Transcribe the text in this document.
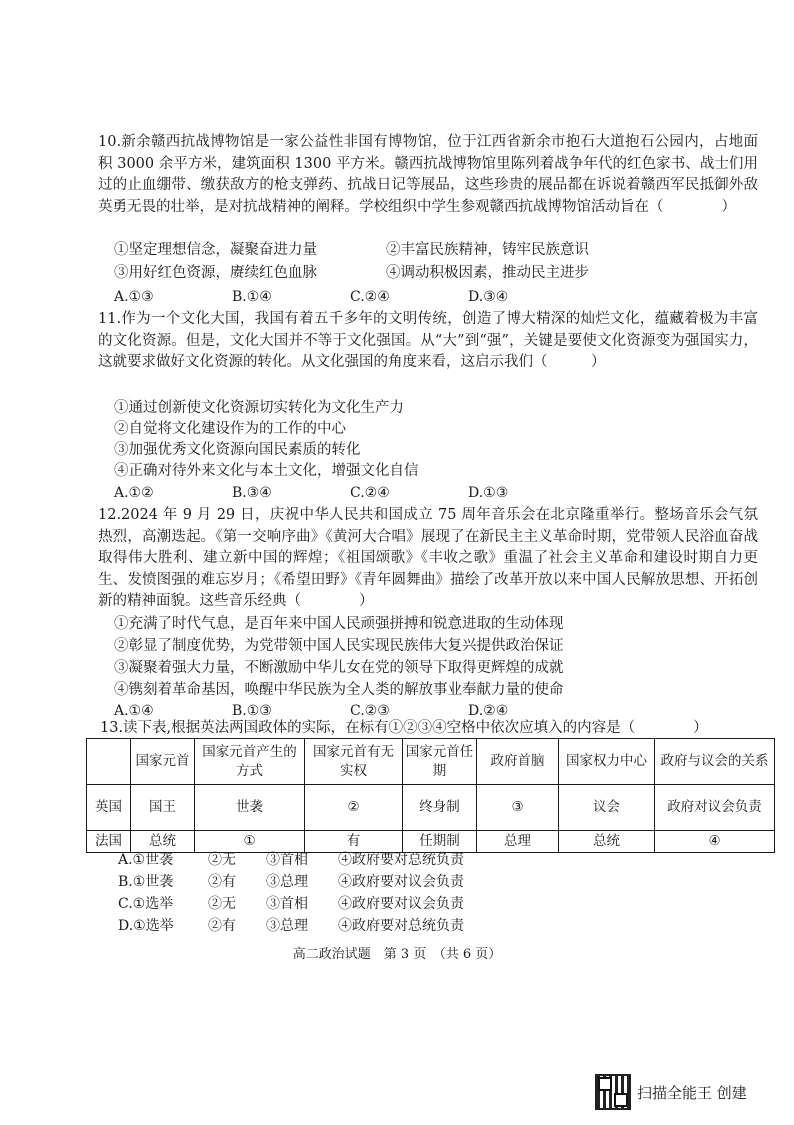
10.新余赣西抗战博物馆是一家公益性非国有博物馆，位于江西省新余市抱石大道抱石公园内，占地面积 3000 余平方米，建筑面积 1300 平方米。赣西抗战博物馆里陈列着战争年代的红色家书、战士们用过的止血绷带、缴获敌方的枪支弹药、抗战日记等展品，这些珍贵的展品都在诉说着赣西军民抵御外敌英勇无畏的壮举，是对抗战精神的阐释。学校组织中学生参观赣西抗战博物馆活动旨在（　　　　）

①坚定理想信念，凝聚奋进力量	②丰富民族精神，铸牢民族意识
③用好红色资源，赓续红色血脉	④调动积极因素，推动民主进步
A.①③	B.①④	C.②④	D.③④

11.作为一个文化大国，我国有着五千多年的文明传统，创造了博大精深的灿烂文化，蕴藏着极为丰富的文化资源。但是，文化大国并不等于文化强国。从“大”到“强”，关键是要使文化资源变为强国实力，这就要求做好文化资源的转化。从文化强国的角度来看，这启示我们（　　　）

①通过创新使文化资源切实转化为文化生产力
②自觉将文化建设作为的工作的中心
③加强优秀文化资源向国民素质的转化
④正确对待外来文化与本土文化，增强文化自信
A.①②	B.③④	C.②④	D.①③

12.2024 年 9 月 29 日，庆祝中华人民共和国成立 75 周年音乐会在北京隆重举行。整场音乐会气氛热烈，高潮迭起。《第一交响序曲》《黄河大合唱》展现了在新民主主义革命时期，党带领人民浴血奋战取得伟大胜利、建立新中国的辉煌；《祖国颂歌》《丰收之歌》重温了社会主义革命和建设时期自力更生、发愤图强的难忘岁月；《希望田野》《青年圆舞曲》描绘了改革开放以来中国人民解放思想、开拓创新的精神面貌。这些音乐经典（　　　　）

①充满了时代气息，是百年来中国人民顽强拼搏和锐意进取的生动体现
②彰显了制度优势，为党带领中国人民实现民族伟大复兴提供政治保证
③凝聚着强大力量，不断激励中华儿女在党的领导下取得更辉煌的成就
④镌刻着革命基因，唤醒中华民族为全人类的解放事业奉献力量的使命
A.①④	B.①③	C.②③	D.②④
13.读下表,根据英法两国政体的实际，在标有①②③④空格中依次应填入的内容是（　　　　）
	国家元首	国家元首产生的方式	国家元首有无实权	国家元首任期	政府首脑	国家权力中心	政府与议会的关系
英国	国王	世袭	②	终身制	③	议会	政府对议会负责
法国	总统	①	有	任期制	总理	总统	④
A.①世袭 ②无 ③首相 ④政府要对总统负责
B.①世袭 ②有 ③总理 ④政府要对议会负责
C.①选举 ②无 ③首相 ④政府要对议会负责
D.①选举 ②有 ③总理 ④政府要对总统负责
高二政治试题　第 3 页　（共 6 页）
扫描全能王 创建
